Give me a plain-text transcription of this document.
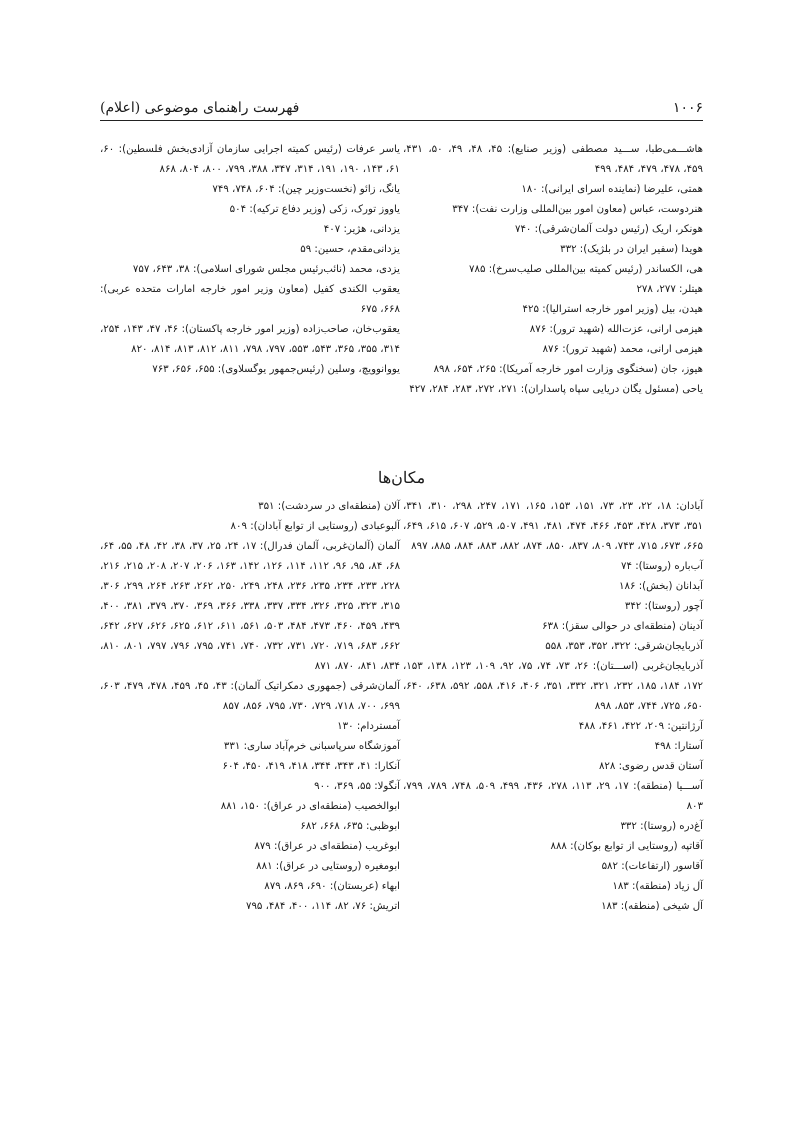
۱۰۰۶
فهرست راهنمای موضوعی (اعلام)
هاشـــمی‌طبا، ســـید مصطفی (وزیر صنایع): ۴۵، ۴۸، ۴۹، ۵۰، ۴۳۱، ۴۵۹، ۴۷۸، ۴۷۹، ۴۸۴، ۴۹۹
همتی، علیرضا (نماینده اسرای ایرانی): ۱۸۰
هنردوست، عباس (معاون امور بین‌المللی وزارت نفت): ۳۴۷
هونکر، اریک (رئیس دولت آلمان‌شرقی): ۷۴۰
هویدا (سفیر ایران در بلژیک): ۳۳۲
هی، الکساندر (رئیس کمیته بین‌المللی صلیب‌سرخ): ۷۸۵
هیتلر: ۲۷۷، ۲۷۸
هیدن، بیل (وزیر امور خارجه استرالیا): ۴۲۵
هیزمی ارانی، عزت‌الله (شهید ترور): ۸۷۶
هیزمی ارانی، محمد (شهید ترور): ۸۷۶
هیوز، جان (سخنگوی وزارت امور خارجه آمریکا): ۲۶۵، ۶۵۴، ۸۹۸
یاحی (مسئول یگان دریایی سپاه پاسداران): ۲۷۱، ۲۷۲، ۲۸۳، ۲۸۴، ۴۲۷
یاسر عرفات (رئیس کمیته اجرایی سازمان آزادی‌بخش فلسطین): ۶۰، ۶۱، ۱۴۳، ۱۹۰، ۱۹۱، ۳۱۴، ۳۴۷، ۳۸۸، ۷۹۹، ۸۰۰، ۸۰۴، ۸۶۸
یانگ، زائو (نخست‌وزیر چین): ۶۰۴، ۷۴۸، ۷۴۹
یاووز تورک، زکی (وزیر دفاع ترکیه): ۵۰۴
یزدانی، هژیر: ۴۰۷
یزدانی‌مقدم، حسین: ۵۹
یزدی، محمد (نائب‌رئیس مجلس شورای اسلامی): ۳۸، ۶۴۳، ۷۵۷
یعقوب الکندی کفیل (معاون وزیر امور خارجه امارات متحده عربی): ۶۶۸، ۶۷۵
یعقوب‌خان، صاحب‌زاده (وزیر امور خارجه پاکستان): ۴۶، ۴۷، ۱۴۳، ۲۵۴، ۳۱۴، ۳۵۵، ۳۶۵، ۵۴۳، ۵۵۳، ۷۹۷، ۷۹۸، ۸۱۱، ۸۱۲، ۸۱۳، ۸۱۴، ۸۲۰
یووانوویچ، وسلین (رئیس‌جمهور یوگسلاوی): ۶۵۵، ۶۵۶، ۷۶۳
مکان‌ها
آبادان: ۱۸، ۲۲، ۲۳، ۷۳، ۱۵۱، ۱۵۳، ۱۶۵، ۱۷۱، ۲۴۷، ۲۹۸، ۳۱۰، ۳۴۱، ۳۵۱، ۳۷۳، ۴۲۸، ۴۵۳، ۴۶۶، ۴۷۴، ۴۸۱، ۴۹۱، ۵۰۷، ۵۲۹، ۶۰۷، ۶۱۵، ۶۴۹، ۶۶۵، ۶۷۳، ۷۱۵، ۷۴۳، ۸۰۹، ۸۳۷، ۸۵۰، ۸۷۴، ۸۸۲، ۸۸۳، ۸۸۴، ۸۸۵، ۸۹۷
آب‌باره (روستا): ۷۴
آبدانان (بخش): ۱۸۶
آچور (روستا): ۳۴۲
آدینان (منطقه‌ای در حوالی سقز): ۶۳۸
آذربایجان‌شرقی: ۳۲۲، ۳۵۲، ۳۵۳، ۵۵۸
آذربایجان‌غربی (اســـتان): ۲۶، ۷۳، ۷۴، ۷۵، ۹۲، ۱۰۹، ۱۲۳، ۱۳۸، ۱۵۳، ۱۷۲، ۱۸۴، ۱۸۵، ۲۳۲، ۳۲۱، ۳۳۲، ۳۵۱، ۴۰۶، ۴۱۶، ۵۵۸، ۵۹۲، ۶۳۸، ۶۴۰، ۶۵۰، ۷۲۵، ۷۴۴، ۸۵۳، ۸۹۸
آرژانتین: ۲۰۹، ۴۲۲، ۴۶۱، ۴۸۸
آستارا: ۴۹۸
آستان قدس رضوی: ۸۲۸
آســـیا (منطقه): ۱۷، ۲۹، ۱۱۳، ۲۷۸، ۴۳۶، ۴۹۹، ۵۰۹، ۷۴۸، ۷۸۹، ۷۹۹، ۸۰۳
آغ‌دره (روستا): ۳۳۲
آقاتپه (روستایی از توابع بوکان): ۸۸۸
آقاسور (ارتفاعات): ۵۸۲
آل زیاد (منطقه): ۱۸۳
آل شیخی (منطقه): ۱۸۳
آلان (منطقه‌ای در سردشت): ۳۵۱
آلبوعبادی (روستایی از توابع آبادان): ۸۰۹
آلمان (آلمان‌غربی، آلمان فدرال): ۱۷، ۲۴، ۲۵، ۳۷، ۳۸، ۴۲، ۴۸، ۵۵، ۶۴، ۶۸، ۸۴، ۹۵، ۹۶، ۱۱۲، ۱۱۴، ۱۲۶، ۱۴۲، ۱۶۳، ۲۰۶، ۲۰۷، ۲۰۸، ۲۱۵، ۲۱۶، ۲۲۸، ۲۳۳، ۲۳۴، ۲۳۵، ۲۳۶، ۲۴۸، ۲۴۹، ۲۵۰، ۲۶۲، ۲۶۳، ۲۶۴، ۲۹۹، ۳۰۶، ۳۱۵، ۳۲۳، ۳۲۵، ۳۲۶، ۳۳۴، ۳۳۷، ۳۳۸، ۳۶۶، ۳۶۹، ۳۷۰، ۳۷۹، ۳۸۱، ۴۰۰، ۴۳۹، ۴۵۹، ۴۶۰، ۴۷۳، ۴۸۴، ۵۰۳، ۵۶۱، ۶۱۱، ۶۱۲، ۶۲۵، ۶۲۶، ۶۲۷، ۶۴۲، ۶۶۲، ۶۸۳، ۷۱۹، ۷۲۰، ۷۳۱، ۷۳۲، ۷۴۰، ۷۴۱، ۷۹۵، ۷۹۶، ۷۹۷، ۸۰۱، ۸۱۰، ۸۳۴، ۸۴۱، ۸۷۰، ۸۷۱
آلمان‌شرقی (جمهوری دمکراتیک آلمان): ۴۳، ۴۵، ۴۵۹، ۴۷۸، ۴۷۹، ۶۰۳، ۶۹۹، ۷۰۰، ۷۱۸، ۷۲۹، ۷۳۰، ۷۹۵، ۸۵۶، ۸۵۷
آمستردام: ۱۳۰
آموزشگاه سرپاسبانی خرم‌آباد ساری: ۳۳۱
آنکارا: ۴۱، ۳۴۳، ۳۴۴، ۴۱۸، ۴۱۹، ۴۵۰، ۶۰۴
آنگولا: ۵۵، ۳۶۹، ۹۰۰
ابوالخصیب (منطقه‌ای در عراق): ۱۵۰، ۸۸۱
ابوظبی: ۶۳۵، ۶۶۸، ۶۸۲
ابوغریب (منطقه‌ای در عراق): ۸۷۹
ابومغیره (روستایی در عراق): ۸۸۱
ابهاء (عربستان): ۶۹۰، ۸۶۹، ۸۷۹
اتریش: ۷۶، ۸۲، ۱۱۴، ۴۰۰، ۴۸۴، ۷۹۵
